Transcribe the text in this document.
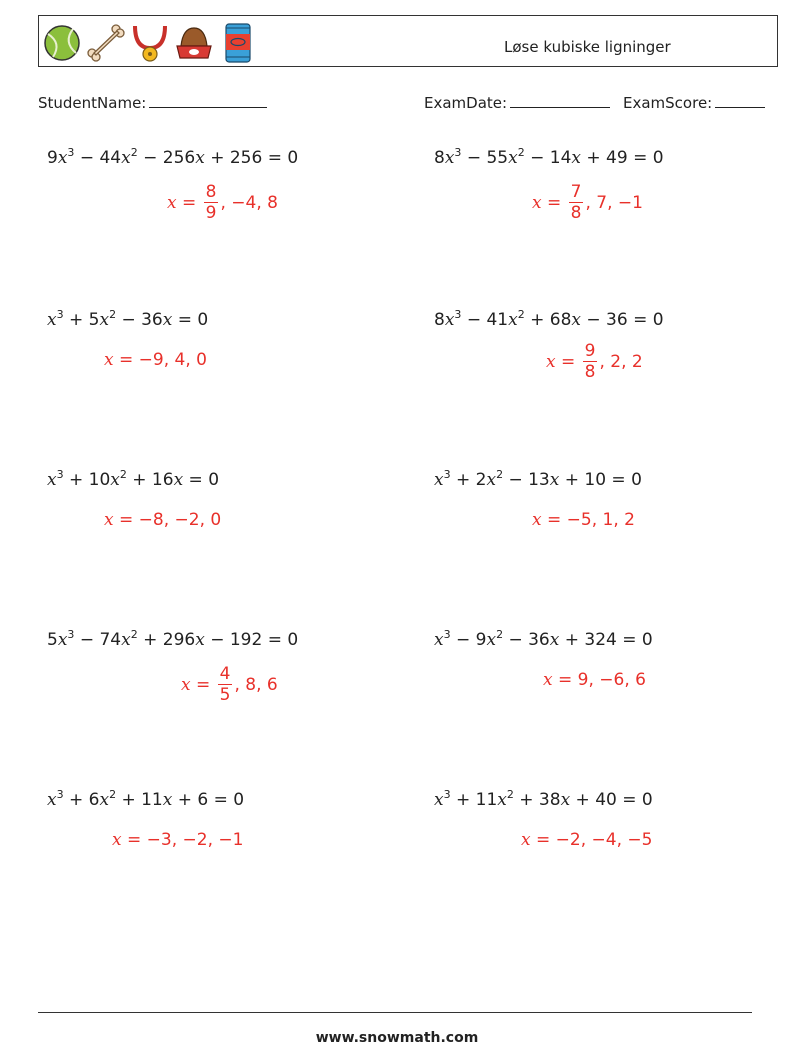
Løse kubiske ligninger
StudentName:	ExamDate:	ExamScore:
$9x^3 - 44x^2 - 256x + 256 = 0$
$x = \frac{8}{9}$ , −4, 8
$8x^3 - 55x^2 - 14x + 49 = 0$
$x = \frac{7}{8}$ , 7, −1
$x^3 + 5x^2 - 36x = 0$
x = −9, 4, 0
$8x^3 - 41x^2 + 68x - 36 = 0$
$x = \frac{9}{8}$ , 2, 2
$x^3 + 10x^2 + 16x = 0$
x = −8, −2, 0
$x^3 + 2x^2 - 13x + 10 = 0$
x = −5, 1, 2
$5x^3 - 74x^2 + 296x - 192 = 0$
$x = \frac{4}{5}$ , 8, 6
$x^3 - 9x^2 - 36x + 324 = 0$
x = 9, −6, 6
$x^3 + 6x^2 + 11x + 6 = 0$
x = −3, −2, −1
$x^3 + 11x^2 + 38x + 40 = 0$
x = −2, −4, −5
www.snowmath.com
